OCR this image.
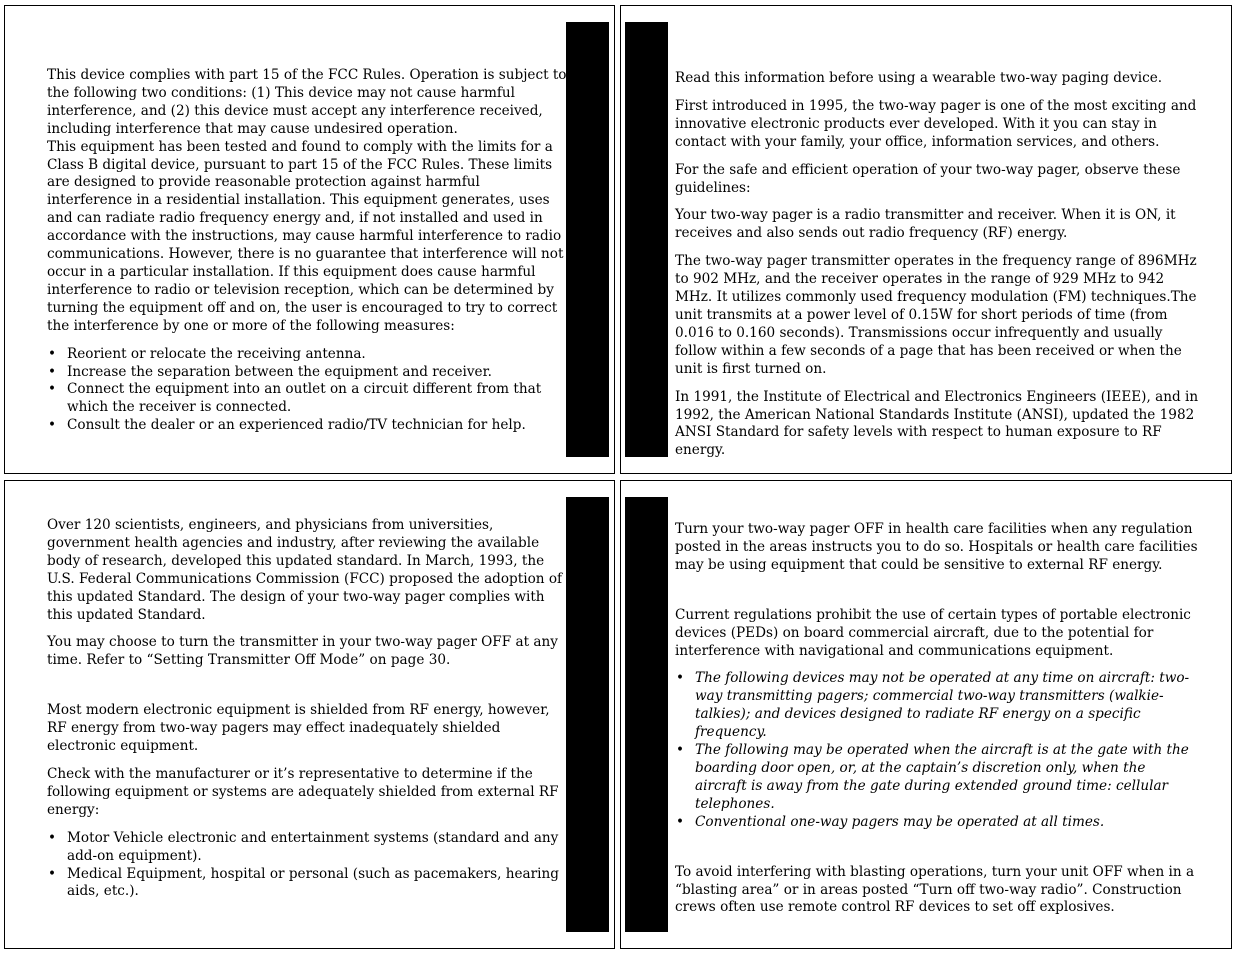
This device complies with part 15 of the FCC Rules. Operation is subject to the following two conditions: (1) This device may not cause harmful interference, and (2) this device must accept any interference received, including interference that may cause undesired operation.

This equipment has been tested and found to comply with the limits for a Class B digital device, pursuant to part 15 of the FCC Rules. These limits are designed to provide reasonable protection against harmful interference in a residential installation. This equipment generates, uses and can radiate radio frequency energy and, if not installed and used in accordance with the instructions, may cause harmful interference to radio communications. However, there is no guarantee that interference will not occur in a particular installation. If this equipment does cause harmful interference to radio or television reception, which can be determined by turning the equipment off and on, the user is encouraged to try to correct the interference by one or more of the following measures:

• Reorient or relocate the receiving antenna.
• Increase the separation between the equipment and receiver.
• Connect the equipment into an outlet on a circuit different from that which the receiver is connected.
• Consult the dealer or an experienced radio/TV technician for help.

Read this information before using a wearable two-way paging device.

First introduced in 1995, the two-way pager is one of the most exciting and innovative electronic products ever developed. With it you can stay in contact with your family, your office, information services, and others.

For the safe and efficient operation of your two-way pager, observe these guidelines:

Your two-way pager is a radio transmitter and receiver. When it is ON, it receives and also sends out radio frequency (RF) energy.

The two-way pager transmitter operates in the frequency range of 896MHz to 902 MHz, and the receiver operates in the range of 929 MHz to 942 MHz. It utilizes commonly used frequency modulation (FM) techniques.The unit transmits at a power level of 0.15W for short periods of time (from 0.016 to 0.160 seconds). Transmissions occur infrequently and usually follow within a few seconds of a page that has been received or when the unit is first turned on.

In 1991, the Institute of Electrical and Electronics Engineers (IEEE), and in 1992, the American National Standards Institute (ANSI), updated the 1982 ANSI Standard for safety levels with respect to human exposure to RF energy.

Over 120 scientists, engineers, and physicians from universities, government health agencies and industry, after reviewing the available body of research, developed this updated standard. In March, 1993, the U.S. Federal Communications Commission (FCC) proposed the adoption of this updated Standard. The design of your two-way pager complies with this updated Standard.

You may choose to turn the transmitter in your two-way pager OFF at any time. Refer to “Setting Transmitter Off Mode” on page 30.

Most modern electronic equipment is shielded from RF energy, however, RF energy from two-way pagers may effect inadequately shielded electronic equipment.

Check with the manufacturer or it’s representative to determine if the following equipment or systems are adequately shielded from external RF energy:

• Motor Vehicle electronic and entertainment systems (standard and any add-on equipment).
• Medical Equipment, hospital or personal (such as pacemakers, hearing aids, etc.).

Turn your two-way pager OFF in health care facilities when any regulation posted in the areas instructs you to do so. Hospitals or health care facilities may be using equipment that could be sensitive to external RF energy.

Current regulations prohibit the use of certain types of portable electronic devices (PEDs) on board commercial aircraft, due to the potential for interference with navigational and communications equipment.

• The following devices may not be operated at any time on aircraft: two-way transmitting pagers; commercial two-way transmitters (walkie-talkies); and devices designed to radiate RF energy on a specific frequency.
• The following may be operated when the aircraft is at the gate with the boarding door open, or, at the captain’s discretion only, when the aircraft is away from the gate during extended ground time: cellular telephones.
• Conventional one-way pagers may be operated at all times.

To avoid interfering with blasting operations, turn your unit OFF when in a “blasting area” or in areas posted “Turn off two-way radio”. Construction crews often use remote control RF devices to set off explosives.
